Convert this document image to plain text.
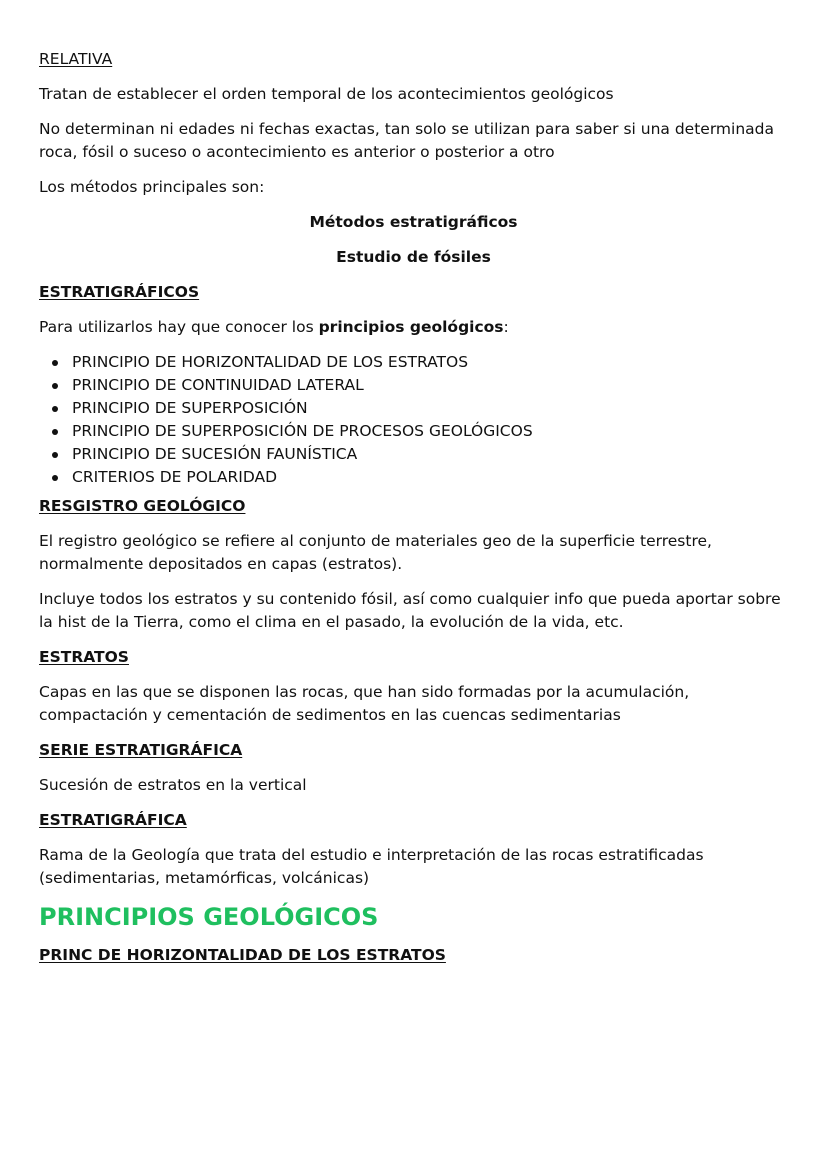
RELATIVA

Tratan de establecer el orden temporal de los acontecimientos geológicos

No determinan ni edades ni fechas exactas, tan solo se utilizan para saber si una determinada
roca, fósil o suceso o acontecimiento es anterior o posterior a otro

Los métodos principales son:

Métodos estratigráficos

Estudio de fósiles

ESTRATIGRÁFICOS

Para utilizarlos hay que conocer los principios geológicos:

PRINCIPIO DE HORIZONTALIDAD DE LOS ESTRATOS
PRINCIPIO DE CONTINUIDAD LATERAL
PRINCIPIO DE SUPERPOSICIÓN
PRINCIPIO DE SUPERPOSICIÓN DE PROCESOS GEOLÓGICOS
PRINCIPIO DE SUCESIÓN FAUNÍSTICA
CRITERIOS DE POLARIDAD

RESGISTRO GEOLÓGICO

El registro geológico se refiere al conjunto de materiales geo de la superficie terrestre,
normalmente depositados en capas (estratos).

Incluye todos los estratos y su contenido fósil, así como cualquier info que pueda aportar sobre
la hist de la Tierra, como el clima en el pasado, la evolución de la vida, etc.

ESTRATOS

Capas en las que se disponen las rocas, que han sido formadas por la acumulación,
compactación y cementación de sedimentos en las cuencas sedimentarias

SERIE ESTRATIGRÁFICA

Sucesión de estratos en la vertical

ESTRATIGRÁFICA

Rama de la Geología que trata del estudio e interpretación de las rocas estratificadas
(sedimentarias, metamórficas, volcánicas)

PRINCIPIOS GEOLÓGICOS

PRINC DE HORIZONTALIDAD DE LOS ESTRATOS
